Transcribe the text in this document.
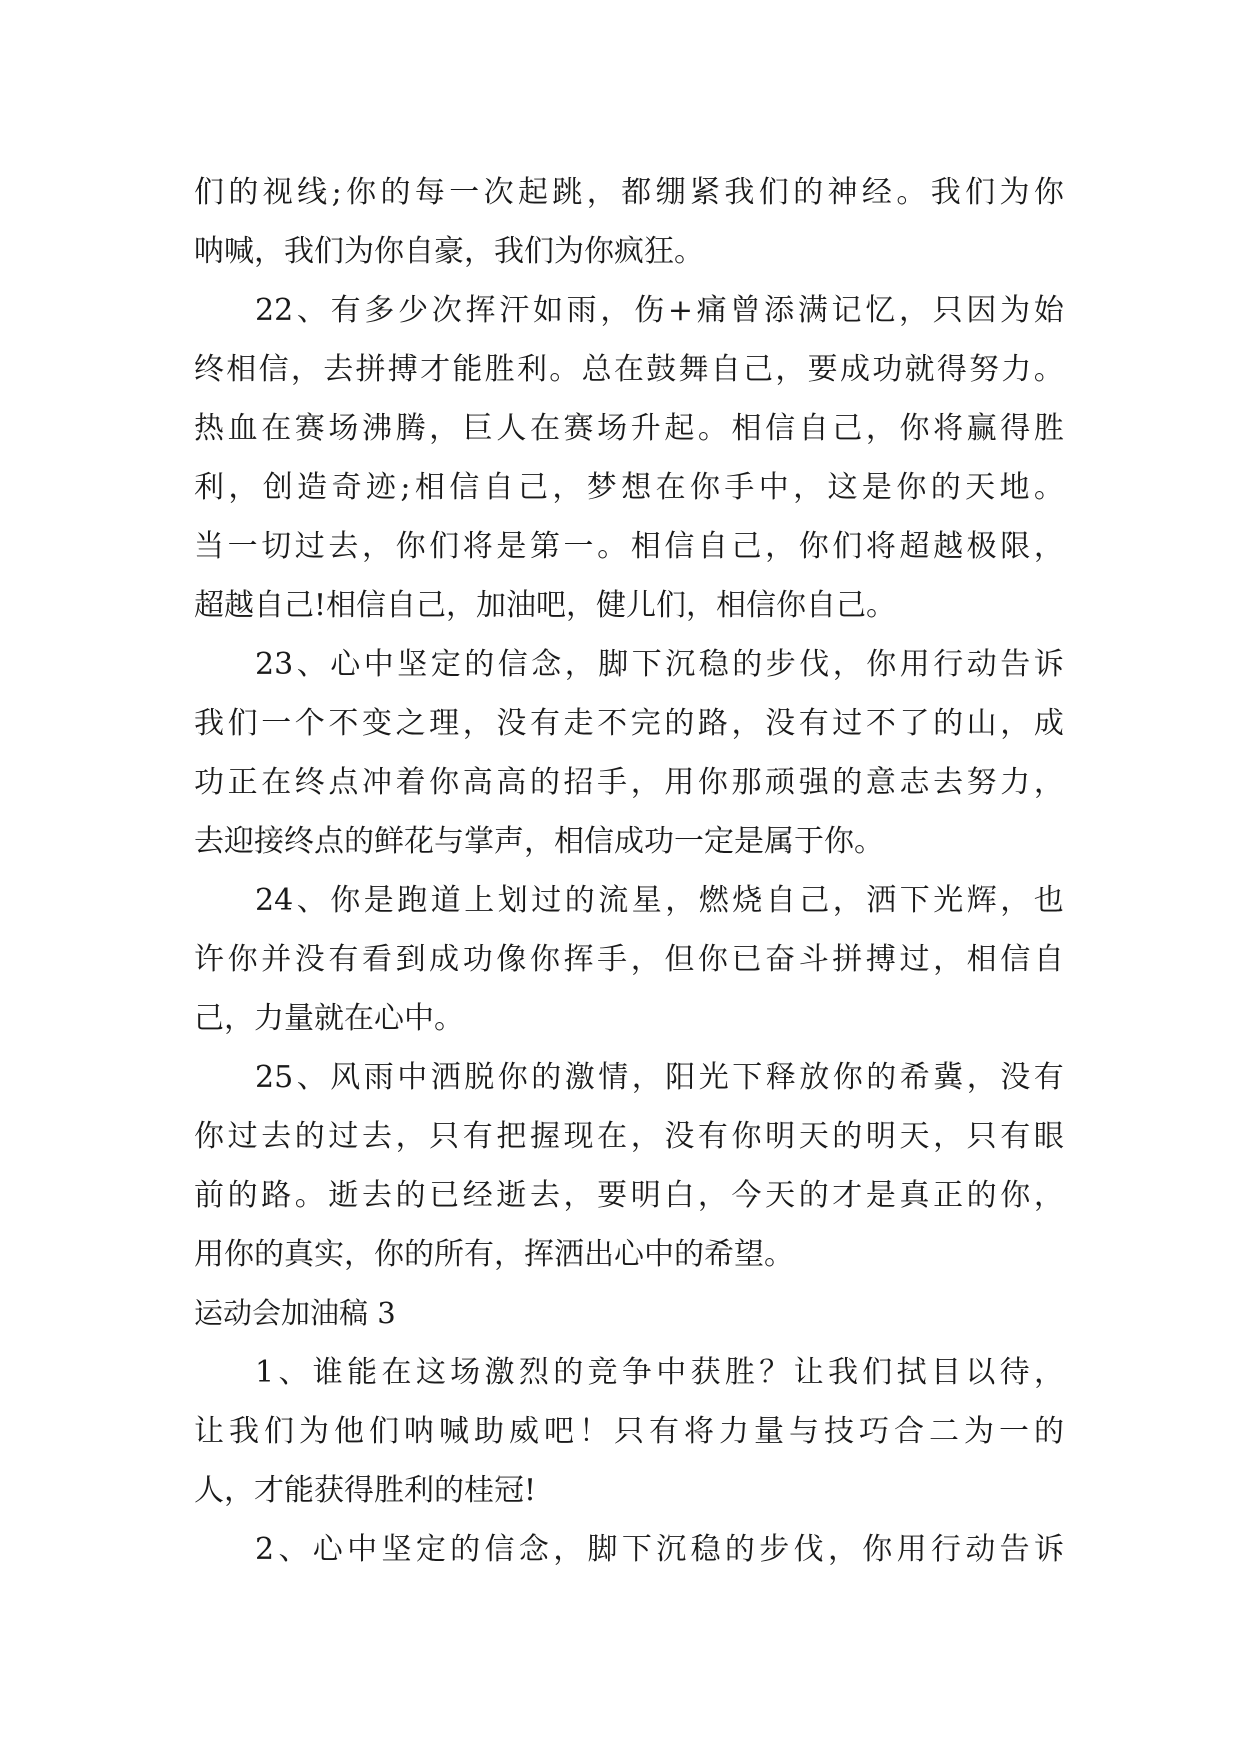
们 的 视 线 ; 你 的 每 一 次 起 跳 ， 都 绷 紧 我 们 的 神 经 。 我 们 为 你
呐喊，我们为你自豪，我们为你疯狂。
22 、 有 多 少 次 挥 汗 如 雨 ， 伤 + 痛 曾 添 满 记 忆 ， 只 因 为 始
终 相 信 ， 去 拼 搏 才 能 胜 利 。 总 在 鼓 舞 自 己 ， 要 成 功 就 得 努 力 。
热 血 在 赛 场 沸 腾 ， 巨 人 在 赛 场 升 起 。 相 信 自 己 ， 你 将 赢 得 胜
利 ， 创 造 奇 迹 ; 相 信 自 己 ， 梦 想 在 你 手 中 ， 这 是 你 的 天 地 。
当 一 切 过 去 ， 你 们 将 是 第 一 。 相 信 自 己 ， 你 们 将 超 越 极 限 ，
超越自己!相信自己，加油吧，健儿们，相信你自己。
23 、 心 中 坚 定 的 信 念 ， 脚 下 沉 稳 的 步 伐 ， 你 用 行 动 告 诉
我 们 一 个 不 变 之 理 ， 没 有 走 不 完 的 路 ， 没 有 过 不 了 的 山 ， 成
功 正 在 终 点 冲 着 你 高 高 的 招 手 ， 用 你 那 顽 强 的 意 志 去 努 力 ，
去迎接终点的鲜花与掌声，相信成功一定是属于你。
24 、 你 是 跑 道 上 划 过 的 流 星 ， 燃 烧 自 己 ， 洒 下 光 辉 ， 也
许 你 并 没 有 看 到 成 功 像 你 挥 手 ， 但 你 已 奋 斗 拼 搏 过 ， 相 信 自
己，力量就在心中。
25 、 风 雨 中 洒 脱 你 的 激 情 ， 阳 光 下 释 放 你 的 希 冀 ， 没 有
你 过 去 的 过 去 ， 只 有 把 握 现 在 ， 没 有 你 明 天 的 明 天 ， 只 有 眼
前 的 路 。 逝 去 的 已 经 逝 去 ， 要 明 白 ， 今 天 的 才 是 真 正 的 你 ，
用你的真实，你的所有，挥洒出心中的希望。
运动会加油稿 3
1 、 谁 能 在 这 场 激 烈 的 竞 争 中 获 胜 ？ 让 我 们 拭 目 以 待 ，
让 我 们 为 他 们 呐 喊 助 威 吧 ！ 只 有 将 力 量 与 技 巧 合 二 为 一 的
人，才能获得胜利的桂冠!
2 、 心 中 坚 定 的 信 念 ， 脚 下 沉 稳 的 步 伐 ， 你 用 行 动 告 诉
